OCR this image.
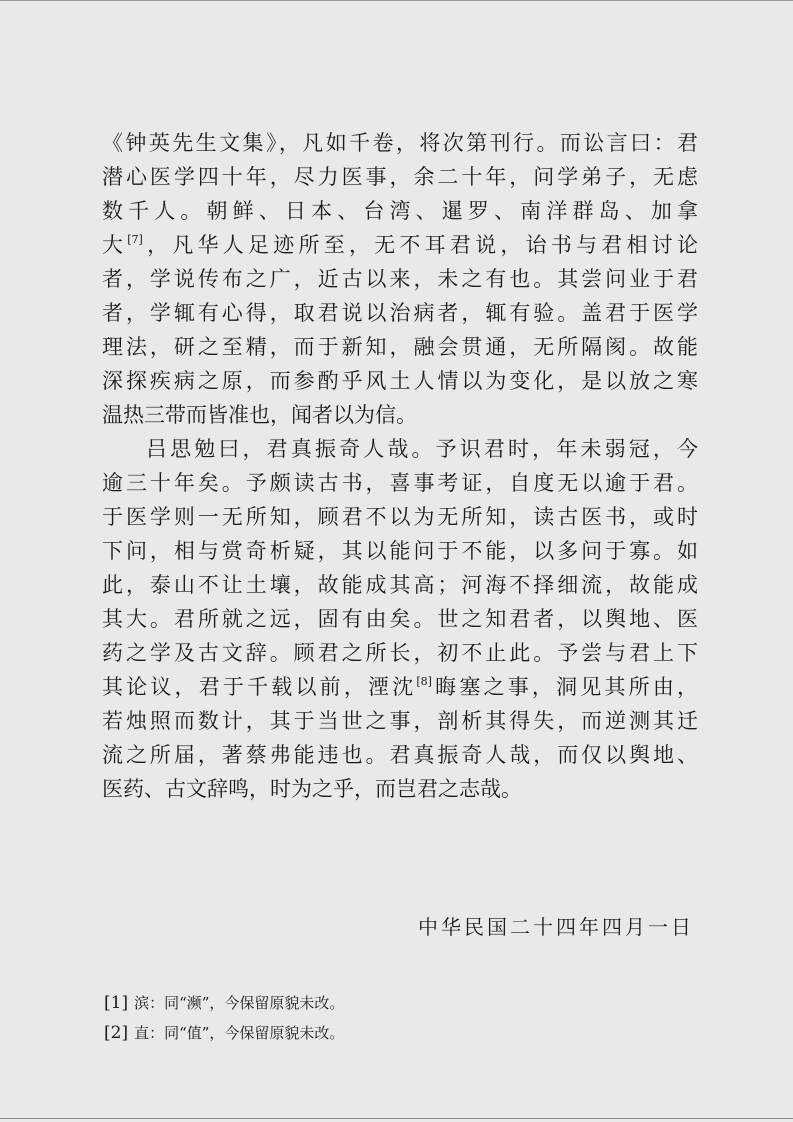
《钟英先生文集》，凡如千卷，将次第刊行。而讼言曰：君
潜心医学四十年，尽力医事，余二十年，问学弟子，无虑
数千人。朝鲜、日本、台湾、暹罗、南洋群岛、加拿
大[7]，凡华人足迹所至，无不耳君说，诒书与君相讨论
者，学说传布之广，近古以来，未之有也。其尝问业于君
者，学辄有心得，取君说以治病者，辄有验。盖君于医学
理法，研之至精，而于新知，融会贯通，无所隔阂。故能
深探疾病之原，而参酌乎风土人情以为变化，是以放之寒
温热三带而皆准也，闻者以为信。
吕思勉曰，君真振奇人哉。予识君时，年未弱冠，今
逾三十年矣。予颇读古书，喜事考证，自度无以逾于君。
于医学则一无所知，顾君不以为无所知，读古医书，或时
下问，相与赏奇析疑，其以能问于不能，以多问于寡。如
此，泰山不让土壤，故能成其高；河海不择细流，故能成
其大。君所就之远，固有由矣。世之知君者，以舆地、医
药之学及古文辞。顾君之所长，初不止此。予尝与君上下
其论议，君于千载以前，湮沈[8]晦塞之事，洞见其所由，
若烛照而数计，其于当世之事，剖析其得失，而逆测其迁
流之所届，著蔡弗能违也。君真振奇人哉，而仅以舆地、
医药、古文辞鸣，时为之乎，而岂君之志哉。
中华民国二十四年四月一日
[1] 滨：同“濒”，今保留原貌未改。
[2] 直：同“值”，今保留原貌未改。
